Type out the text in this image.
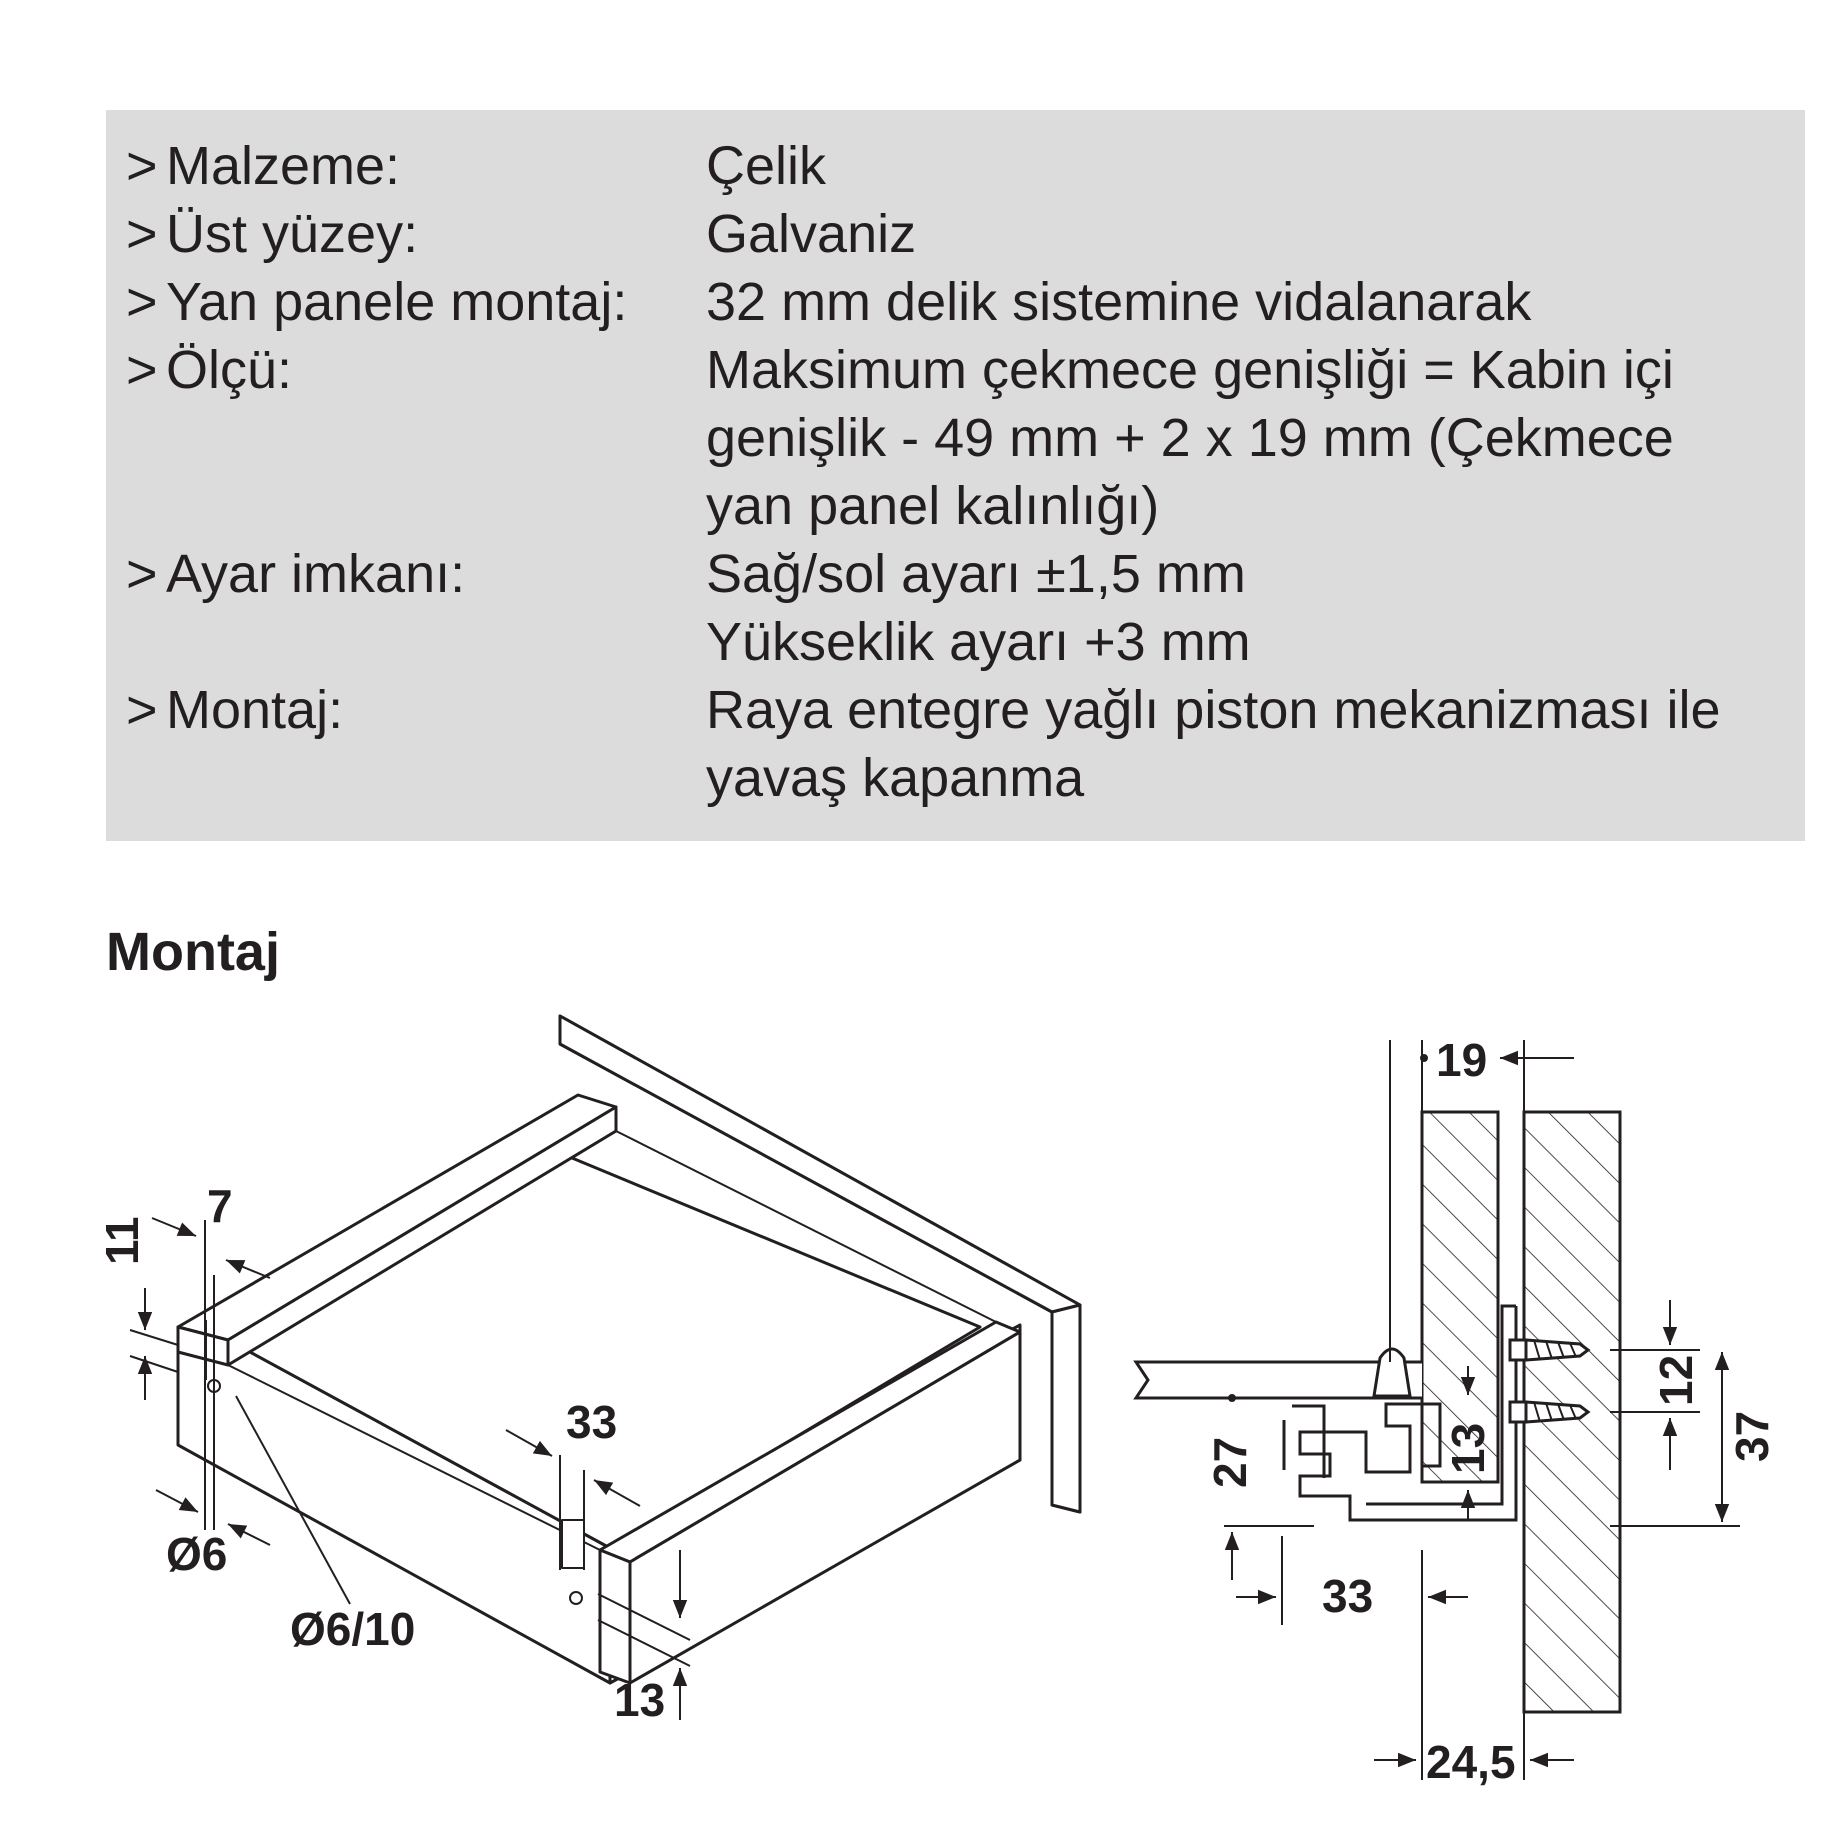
> Malzeme:	Çelik
> Üst yüzey:	Galvaniz
> Yan panele montaj: 32 mm delik sistemine vidalanarak
> Ölçü:	Maksimum çekmece genişliği = Kabin içi
genişlik - 49 mm + 2 x 19 mm (Çekmece
yan panel kalınlığı)
> Ayar imkanı:	Sağ/sol ayarı ±1,5 mm
Yükseklik ayarı +3 mm
> Montaj:	Raya entegre yağlı piston mekanizması ile
yavaş kapanma
Montaj
7
11
Ø6
Ø6/10
33
13
19
12
37
13
27
33
24,5
